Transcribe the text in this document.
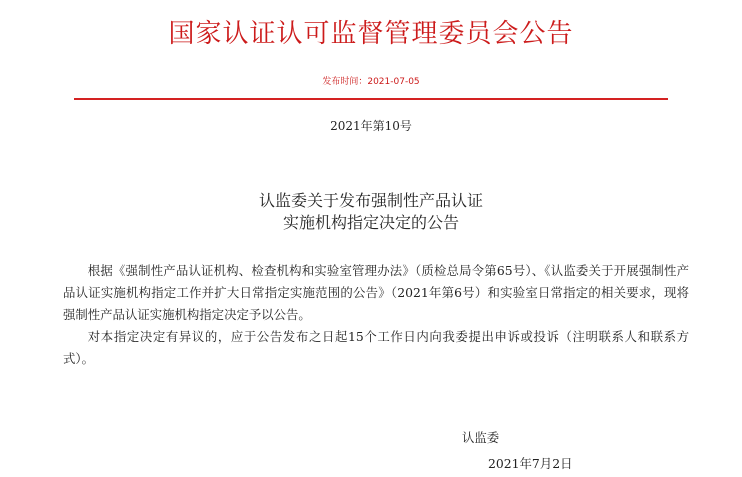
国家认证认可监督管理委员会公告
发布时间：2021-07-05
2021年第10号
认监委关于发布强制性产品认证
实施机构指定决定的公告

根据《强制性产品认证机构、检查机构和实验室管理办法》（质检总局令第65号）、《认监委关于开展强制性产品认证实施机构指定工作并扩大日常指定实施范围的公告》（2021年第6号）和实验室日常指定的相关要求，现将强制性产品认证实施机构指定决定予以公告。

对本指定决定有异议的，应于公告发布之日起15个工作日内向我委提出申诉或投诉（注明联系人和联系方式）。

认监委
2021年7月2日
